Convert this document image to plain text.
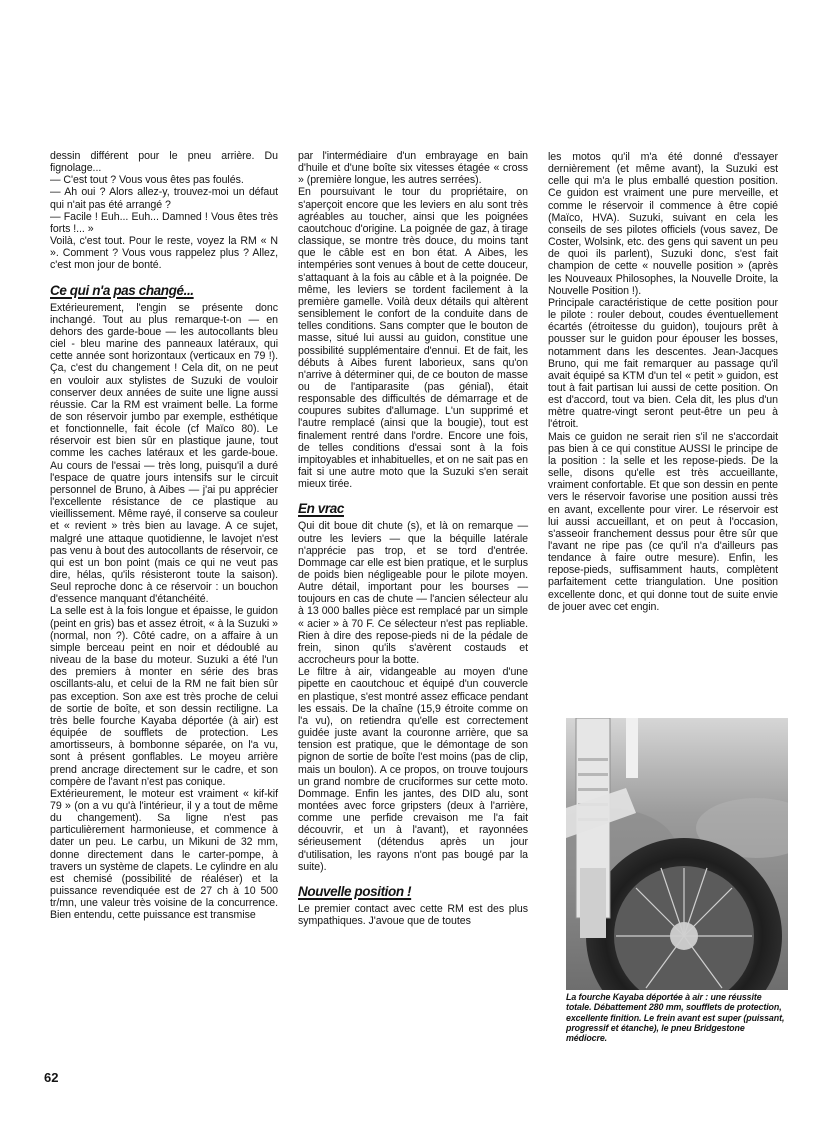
dessin différent pour le pneu arrière. Du fignolage...

— C'est tout ? Vous vous êtes pas foulés.

— Ah oui ? Alors allez-y, trouvez-moi un défaut qui n'ait pas été arrangé ?

— Facile ! Euh... Euh... Damned ! Vous êtes très forts !... »

Voilà, c'est tout. Pour le reste, voyez la RM « N ». Comment ? Vous vous rappelez plus ? Allez, c'est mon jour de bonté.

Ce qui n'a pas changé...

Extérieurement, l'engin se présente donc inchangé. Tout au plus remarque-t-on — en dehors des garde-boue — les autocollants bleu ciel - bleu marine des panneaux latéraux, qui cette année sont horizontaux (verticaux en 79 !). Ça, c'est du changement ! Cela dit, on ne peut en vouloir aux stylistes de Suzuki de vouloir conserver deux années de suite une ligne aussi réussie. Car la RM est vraiment belle. La forme de son réservoir jumbo par exemple, esthétique et fonctionnelle, fait école (cf Maïco 80). Le réservoir est bien sûr en plastique jaune, tout comme les caches latéraux et les garde-boue. Au cours de l'essai — très long, puisqu'il a duré l'espace de quatre jours intensifs sur le circuit personnel de Bruno, à Aibes — j'ai pu apprécier l'excellente résistance de ce plastique au vieillissement. Même rayé, il conserve sa couleur et « revient » très bien au lavage. A ce sujet, malgré une attaque quotidienne, le lavojet n'est pas venu à bout des autocollants de réservoir, ce qui est un bon point (mais ce qui ne veut pas dire, hélas, qu'ils résisteront toute la saison). Seul reproche donc à ce réservoir : un bouchon d'essence manquant d'étanchéité.

La selle est à la fois longue et épaisse, le guidon (peint en gris) bas et assez étroit, « à la Suzuki » (normal, non ?). Côté cadre, on a affaire à un simple berceau peint en noir et dédoublé au niveau de la base du moteur. Suzuki a été l'un des premiers à monter en série des bras oscillants-alu, et celui de la RM ne fait bien sûr pas exception. Son axe est très proche de celui de sortie de boîte, et son dessin rectiligne. La très belle fourche Kayaba déportée (à air) est équipée de soufflets de protection. Les amortisseurs, à bombonne séparée, on l'a vu, sont à présent gonflables. Le moyeu arrière prend ancrage directement sur le cadre, et son compère de l'avant n'est pas conique.

Extérieurement, le moteur est vraiment « kif-kif 79 » (on a vu qu'à l'intérieur, il y a tout de même du changement). Sa ligne n'est pas particulièrement harmonieuse, et commence à dater un peu. Le carbu, un Mikuni de 32 mm, donne directement dans le carter-pompe, à travers un système de clapets. Le cylindre en alu est chemisé (possibilité de réaléser) et la puissance revendiquée est de 27 ch à 10 500 tr/mn, une valeur très voisine de la concurrence. Bien entendu, cette puissance est transmise

par l'intermédiaire d'un embrayage en bain d'huile et d'une boîte six vitesses étagée « cross » (première longue, les autres serrées).

En poursuivant le tour du propriétaire, on s'aperçoit encore que les leviers en alu sont très agréables au toucher, ainsi que les poignées caoutchouc d'origine. La poignée de gaz, à tirage classique, se montre très douce, du moins tant que le câble est en bon état. A Aibes, les intempéries sont venues à bout de cette douceur, s'attaquant à la fois au câble et à la poignée. De même, les leviers se tordent facilement à la première gamelle. Voilà deux détails qui altèrent sensiblement le confort de la conduite dans de telles conditions. Sans compter que le bouton de masse, situé lui aussi au guidon, constitue une possibilité supplémentaire d'ennui. Et de fait, les débuts à Aibes furent laborieux, sans qu'on n'arrive à déterminer qui, de ce bouton de masse ou de l'antiparasite (pas génial), était responsable des difficultés de démarrage et de coupures subites d'allumage. L'un supprimé et l'autre remplacé (ainsi que la bougie), tout est finalement rentré dans l'ordre. Encore une fois, de telles conditions d'essai sont à la fois impitoyables et inhabituelles, et on ne sait pas en fait si une autre moto que la Suzuki s'en serait mieux tirée.

En vrac

Qui dit boue dit chute (s), et là on remarque — outre les leviers — que la béquille latérale n'apprécie pas trop, et se tord d'entrée. Dommage car elle est bien pratique, et le surplus de poids bien négligeable pour le pilote moyen. Autre détail, important pour les bourses — toujours en cas de chute — l'ancien sélecteur alu à 13 000 balles pièce est remplacé par un simple « acier » à 70 F. Ce sélecteur n'est pas repliable. Rien à dire des repose-pieds ni de la pédale de frein, sinon qu'ils s'avèrent costauds et accrocheurs pour la botte.

Le filtre à air, vidangeable au moyen d'une pipette en caoutchouc et équipé d'un couvercle en plastique, s'est montré assez efficace pendant les essais. De la chaîne (15,9 étroite comme on l'a vu), on retiendra qu'elle est correctement guidée juste avant la couronne arrière, que sa tension est pratique, que le démontage de son pignon de sortie de boîte l'est moins (pas de clip, mais un boulon). A ce propos, on trouve toujours un grand nombre de cruciformes sur cette moto. Dommage. Enfin les jantes, des DID alu, sont montées avec force gripsters (deux à l'arrière, comme une perfide crevaison me l'a fait découvrir, et un à l'avant), et rayonnées sérieusement (détendus après un jour d'utilisation, les rayons n'ont pas bougé par la suite).

Nouvelle position !

Le premier contact avec cette RM est des plus sympathiques. J'avoue que de toutes

les motos qu'il m'a été donné d'essayer dernièrement (et même avant), la Suzuki est celle qui m'a le plus emballé question position. Ce guidon est vraiment une pure merveille, et comme le réservoir il commence à être copié (Maïco, HVA). Suzuki, suivant en cela les conseils de ses pilotes officiels (vous savez, De Coster, Wolsink, etc. des gens qui savent un peu de quoi ils parlent), Suzuki donc, s'est fait champion de cette « nouvelle position » (après les Nouveaux Philosophes, la Nouvelle Droite, la Nouvelle Position !).

Principale caractéristique de cette position pour le pilote : rouler debout, coudes éventuellement écartés (étroitesse du guidon), toujours prêt à pousser sur le guidon pour épouser les bosses, notamment dans les descentes. Jean-Jacques Bruno, qui me fait remarquer au passage qu'il avait équipé sa KTM d'un tel « petit » guidon, est tout à fait partisan lui aussi de cette position. On est d'accord, tout va bien. Cela dit, les plus d'un mètre quatre-vingt seront peut-être un peu à l'étroit.

Mais ce guidon ne serait rien s'il ne s'accordait pas bien à ce qui constitue AUSSI le principe de la position : la selle et les repose-pieds. De la selle, disons qu'elle est très accueillante, vraiment confortable. Et que son dessin en pente vers le réservoir favorise une position aussi très en avant, excellente pour virer. Le réservoir est lui aussi accueillant, et on peut à l'occasion, s'asseoir franchement dessus pour être sûr que l'avant ne ripe pas (ce qu'il n'a d'ailleurs pas tendance à faire outre mesure). Enfin, les repose-pieds, suffisamment hauts, complètent parfaitement cette triangulation. Une position excellente donc, et qui donne tout de suite envie de jouer avec cet engin.

La fourche Kayaba déportée à air : une réussite totale. Débattement 280 mm, soufflets de protection, excellente finition. Le frein avant est super (puissant, progressif et étanche), le pneu Bridgestone médiocre.

62
